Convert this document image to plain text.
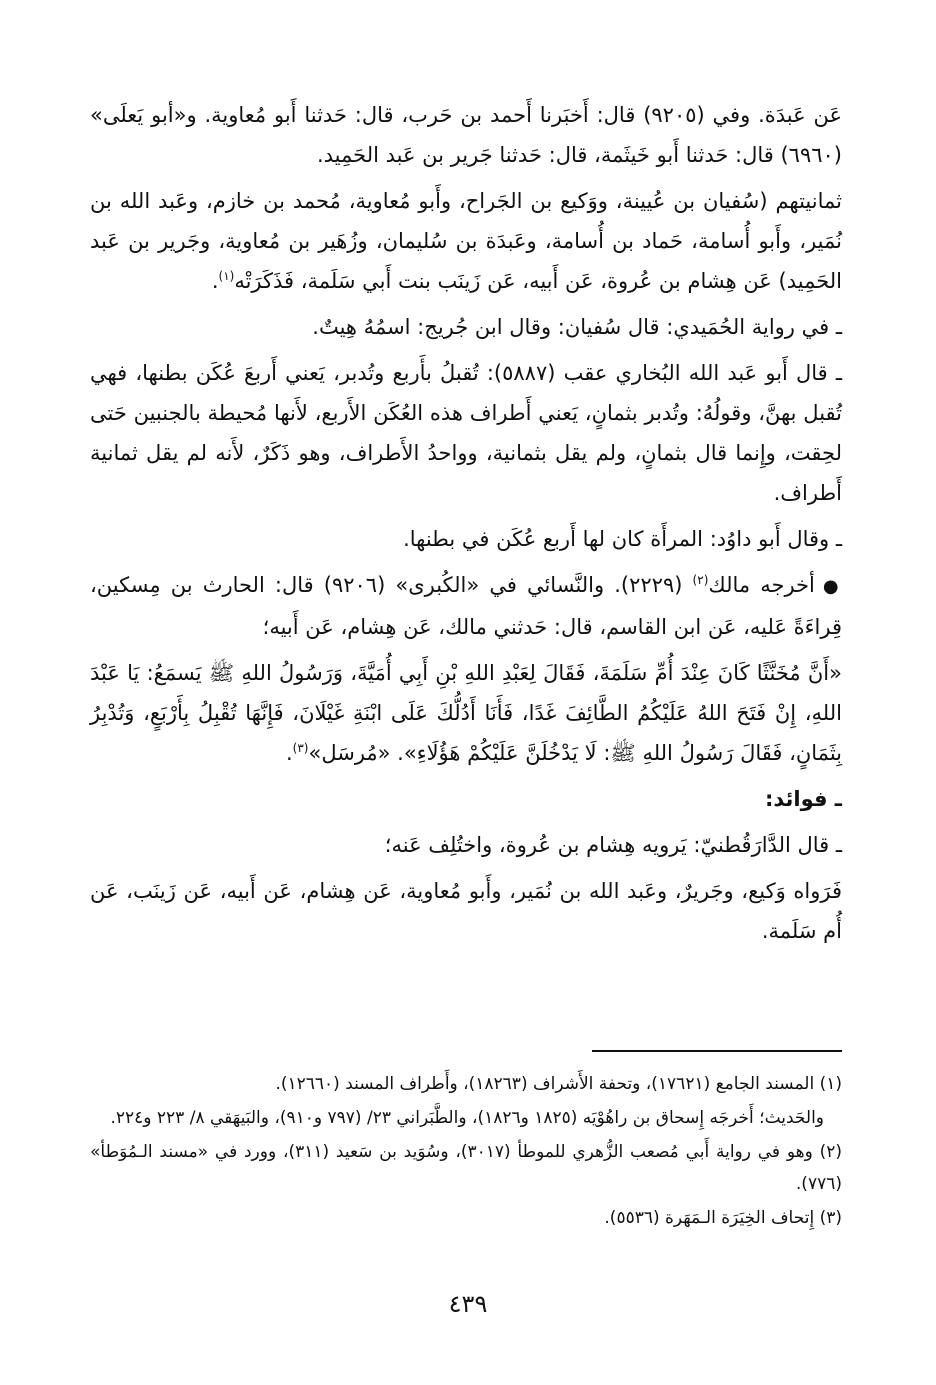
عَن عَبدَة. وفي (٩٢٠٥) قال: أَخبَرنا أَحمد بن حَرب، قال: حَدثنا أَبو مُعاوية. و«أبو يَعلَى» (٦٩٦٠) قال: حَدثنا أَبو خَيثَمة، قال: حَدثنا جَرير بن عَبد الحَمِيد.

ثمانيتهم (سُفيان بن عُيينة، ووَكيع بن الجَراح، وأَبو مُعاوية، مُحمد بن خازم، وعَبد الله بن نُمَير، وأَبو أُسامة، حَماد بن أُسامة، وعَبدَة بن سُليمان، وزُهَير بن مُعاوية، وجَرير بن عَبد الحَمِيد) عَن هِشام بن عُروة، عَن أَبيه، عَن زَينَب بنت أَبي سَلَمة، فَذَكَرَتْه$^{(١)}$.

ـ في رواية الحُمَيدي: قال سُفيان: وقال ابن جُريج: اسمُهُ هِيتٌ.

ـ قال أَبو عَبد الله البُخاري عقب (٥٨٨٧): تُقبلُ بأَربع وتُدبر، يَعني أَربعَ عُكَن بطنها، فهي تُقبل بهنَّ، وقولُهُ: وتُدبر بثمانٍ، يَعني أَطراف هذه العُكَن الأَربع، لأَنها مُحيطة بالجنبين حَتى لحِقت، وإِنما قال بثمانٍ، ولم يقل بثمانية، وواحدُ الأَطراف، وهو ذَكَرٌ، لأَنه لم يقل ثمانية أَطراف.

ـ وقال أَبو داوُد: المرأَة كان لها أَربع عُكَن في بطنها.

●أخرجه مالك$^{(٢)}$ (٢٢٢٩). والنَّسائي في «الكُبرى» (٩٢٠٦) قال: الحارث بن مِسكين، قِراءَةً عَليه، عَن ابن القاسم، قال: حَدثني مالك، عَن هِشام، عَن أَبيه؛

«أَنَّ مُخَنَّثًا كَانَ عِنْدَ أُمِّ سَلَمَةَ، فَقَالَ لِعَبْدِ اللهِ بْنِ أَبِي أُمَيَّةَ، وَرَسُولُ اللهِ ﷺ يَسمَعُ: يَا عَبْدَ اللهِ، إِنْ فَتَحَ اللهُ عَلَيْكُمُ الطَّائِفَ غَدًا، فَأَنَا أَدُلُّكَ عَلَى ابْنَةِ غَيْلَانَ، فَإِنَّهَا تُقْبِلُ بِأَرْبَعٍ، وَتُدْبِرُ بِثَمَانٍ، فَقَالَ رَسُولُ اللهِ ﷺ: لَا يَدْخُلَنَّ عَلَيْكُمْ هَؤُلَاءِ». «مُرسَل»$^{(٣)}$.

ـ فوائد:

ـ قال الدَّارَقُطنيّ: يَرويه هِشام بن عُروة، واختُلِف عَنه؛

فَرَواه وَكيع، وجَريرٌ، وعَبد الله بن نُمَير، وأَبو مُعاوية، عَن هِشام، عَن أَبيه، عَن زَينَب، عَن أُم سَلَمة.

(١) المسند الجامع (١٧٦٢١)، وتحفة الأَشراف (١٨٢٦٣)، وأَطراف المسند (١٢٦٦٠).

والحَديث؛ أَخرجَه إِسحاق بن راهُوْيَه (١٨٢٥ و١٨٢٦)، والطَّبَراني ٢٣/ (٧٩٧ و٩١٠)، والبَيهَقي ٨/ ٢٢٣ و٢٢٤.

(٢) وهو في رواية أَبي مُصعب الزُّهري للموطأ (٣٠١٧)، وسُوَيد بن سَعيد (٣١١)، وورد في «مسند الـمُوَطأ» (٧٧٦).

(٣) إِتحاف الخِيَرَة الـمَهَرة (٥٥٣٦).

٤٣٩
